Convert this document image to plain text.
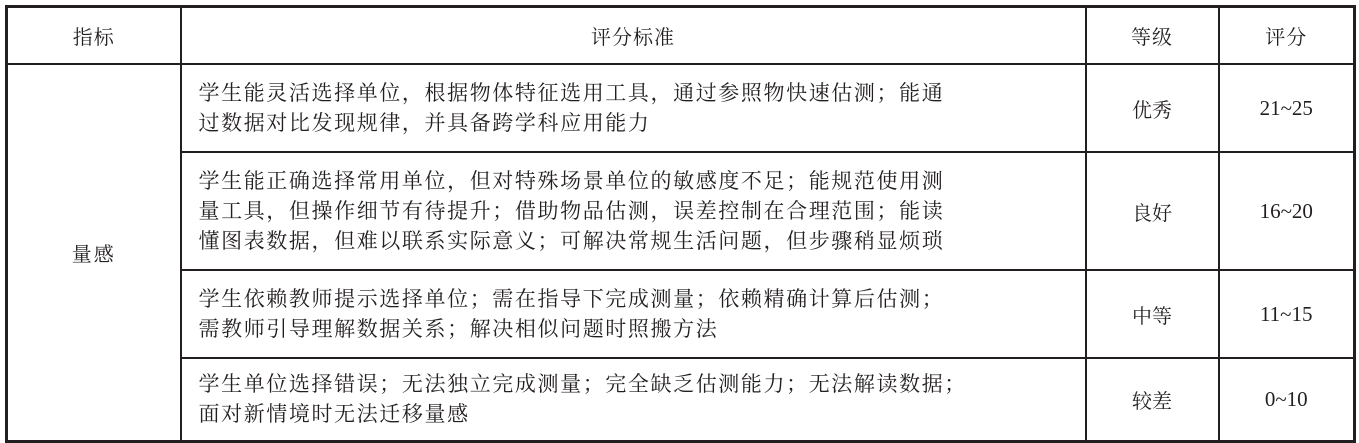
指标	评分标准	等级	评分
量感	学生能灵活选择单位，根据物体特征选用工具，通过参照物快速估测；能通
过数据对比发现规律，并具备跨学科应用能力	优秀	21~25

	学生能正确选择常用单位，但对特殊场景单位的敏感度不足；能规范使用测
量工具，但操作细节有待提升；借助物品估测，误差控制在合理范围；能读
懂图表数据，但难以联系实际意义；可解决常规生活问题，但步骤稍显烦琐	良好	16~20

	学生依赖教师提示选择单位；需在指导下完成测量；依赖精确计算后估测；
需教师引导理解数据关系；解决相似问题时照搬方法	中等	11~15

	学生单位选择错误；无法独立完成测量；完全缺乏估测能力；无法解读数据；
面对新情境时无法迁移量感	较差	0~10
